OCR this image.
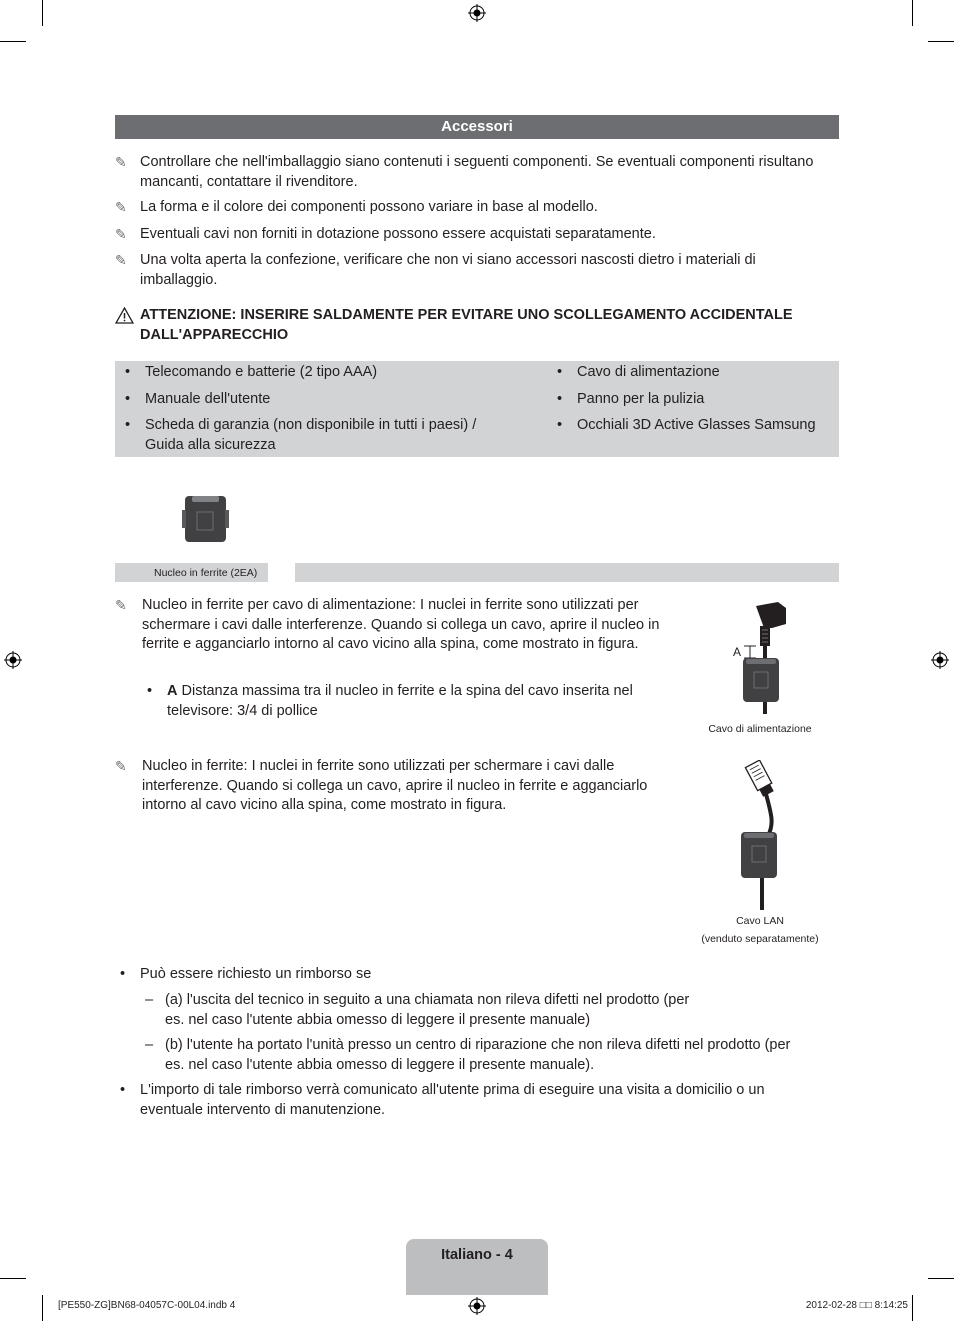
Accessori
✎ Controllare che nell'imballaggio siano contenuti i seguenti componenti. Se eventuali componenti risultano mancanti, contattare il rivenditore.
✎ La forma e il colore dei componenti possono variare in base al modello.
✎ Eventuali cavi non forniti in dotazione possono essere acquistati separatamente.
✎ Una volta aperta la confezione, verificare che non vi siano accessori nascosti dietro i materiali di imballaggio.
ATTENZIONE: INSERIRE SALDAMENTE PER EVITARE UNO SCOLLEGAMENTO ACCIDENTALE DALL'APPARECCHIO
• Telecomando e batterie (2 tipo AAA)
• Manuale dell'utente
• Scheda di garanzia (non disponibile in tutti i paesi) / Guida alla sicurezza
• Cavo di alimentazione
• Panno per la pulizia
• Occhiali 3D Active Glasses Samsung
Nucleo in ferrite (2EA)
✎ Nucleo in ferrite per cavo di alimentazione: I nuclei in ferrite sono utilizzati per schermare i cavi dalle interferenze. Quando si collega un cavo, aprire il nucleo in ferrite e agganciarlo intorno al cavo vicino alla spina, come mostrato in figura.
• A Distanza massima tra il nucleo in ferrite e la spina del cavo inserita nel televisore: 3/4 di pollice
A
Cavo di alimentazione
✎ Nucleo in ferrite: I nuclei in ferrite sono utilizzati per schermare i cavi dalle interferenze. Quando si collega un cavo, aprire il nucleo in ferrite e agganciarlo intorno al cavo vicino alla spina, come mostrato in figura.
Cavo LAN
(venduto separatamente)
• Può essere richiesto un rimborso se
– (a) l'uscita del tecnico in seguito a una chiamata non rileva difetti nel prodotto (per es. nel caso l'utente abbia omesso di leggere il presente manuale)
– (b) l'utente ha portato l'unità presso un centro di riparazione che non rileva difetti nel prodotto (per es. nel caso l'utente abbia omesso di leggere il presente manuale).
• L'importo di tale rimborso verrà comunicato all'utente prima di eseguire una visita a domicilio o un eventuale intervento di manutenzione.
Italiano - 4
[PE550-ZG]BN68-04057C-00L04.indb 4	2012-02-28 □□ 8:14:25
